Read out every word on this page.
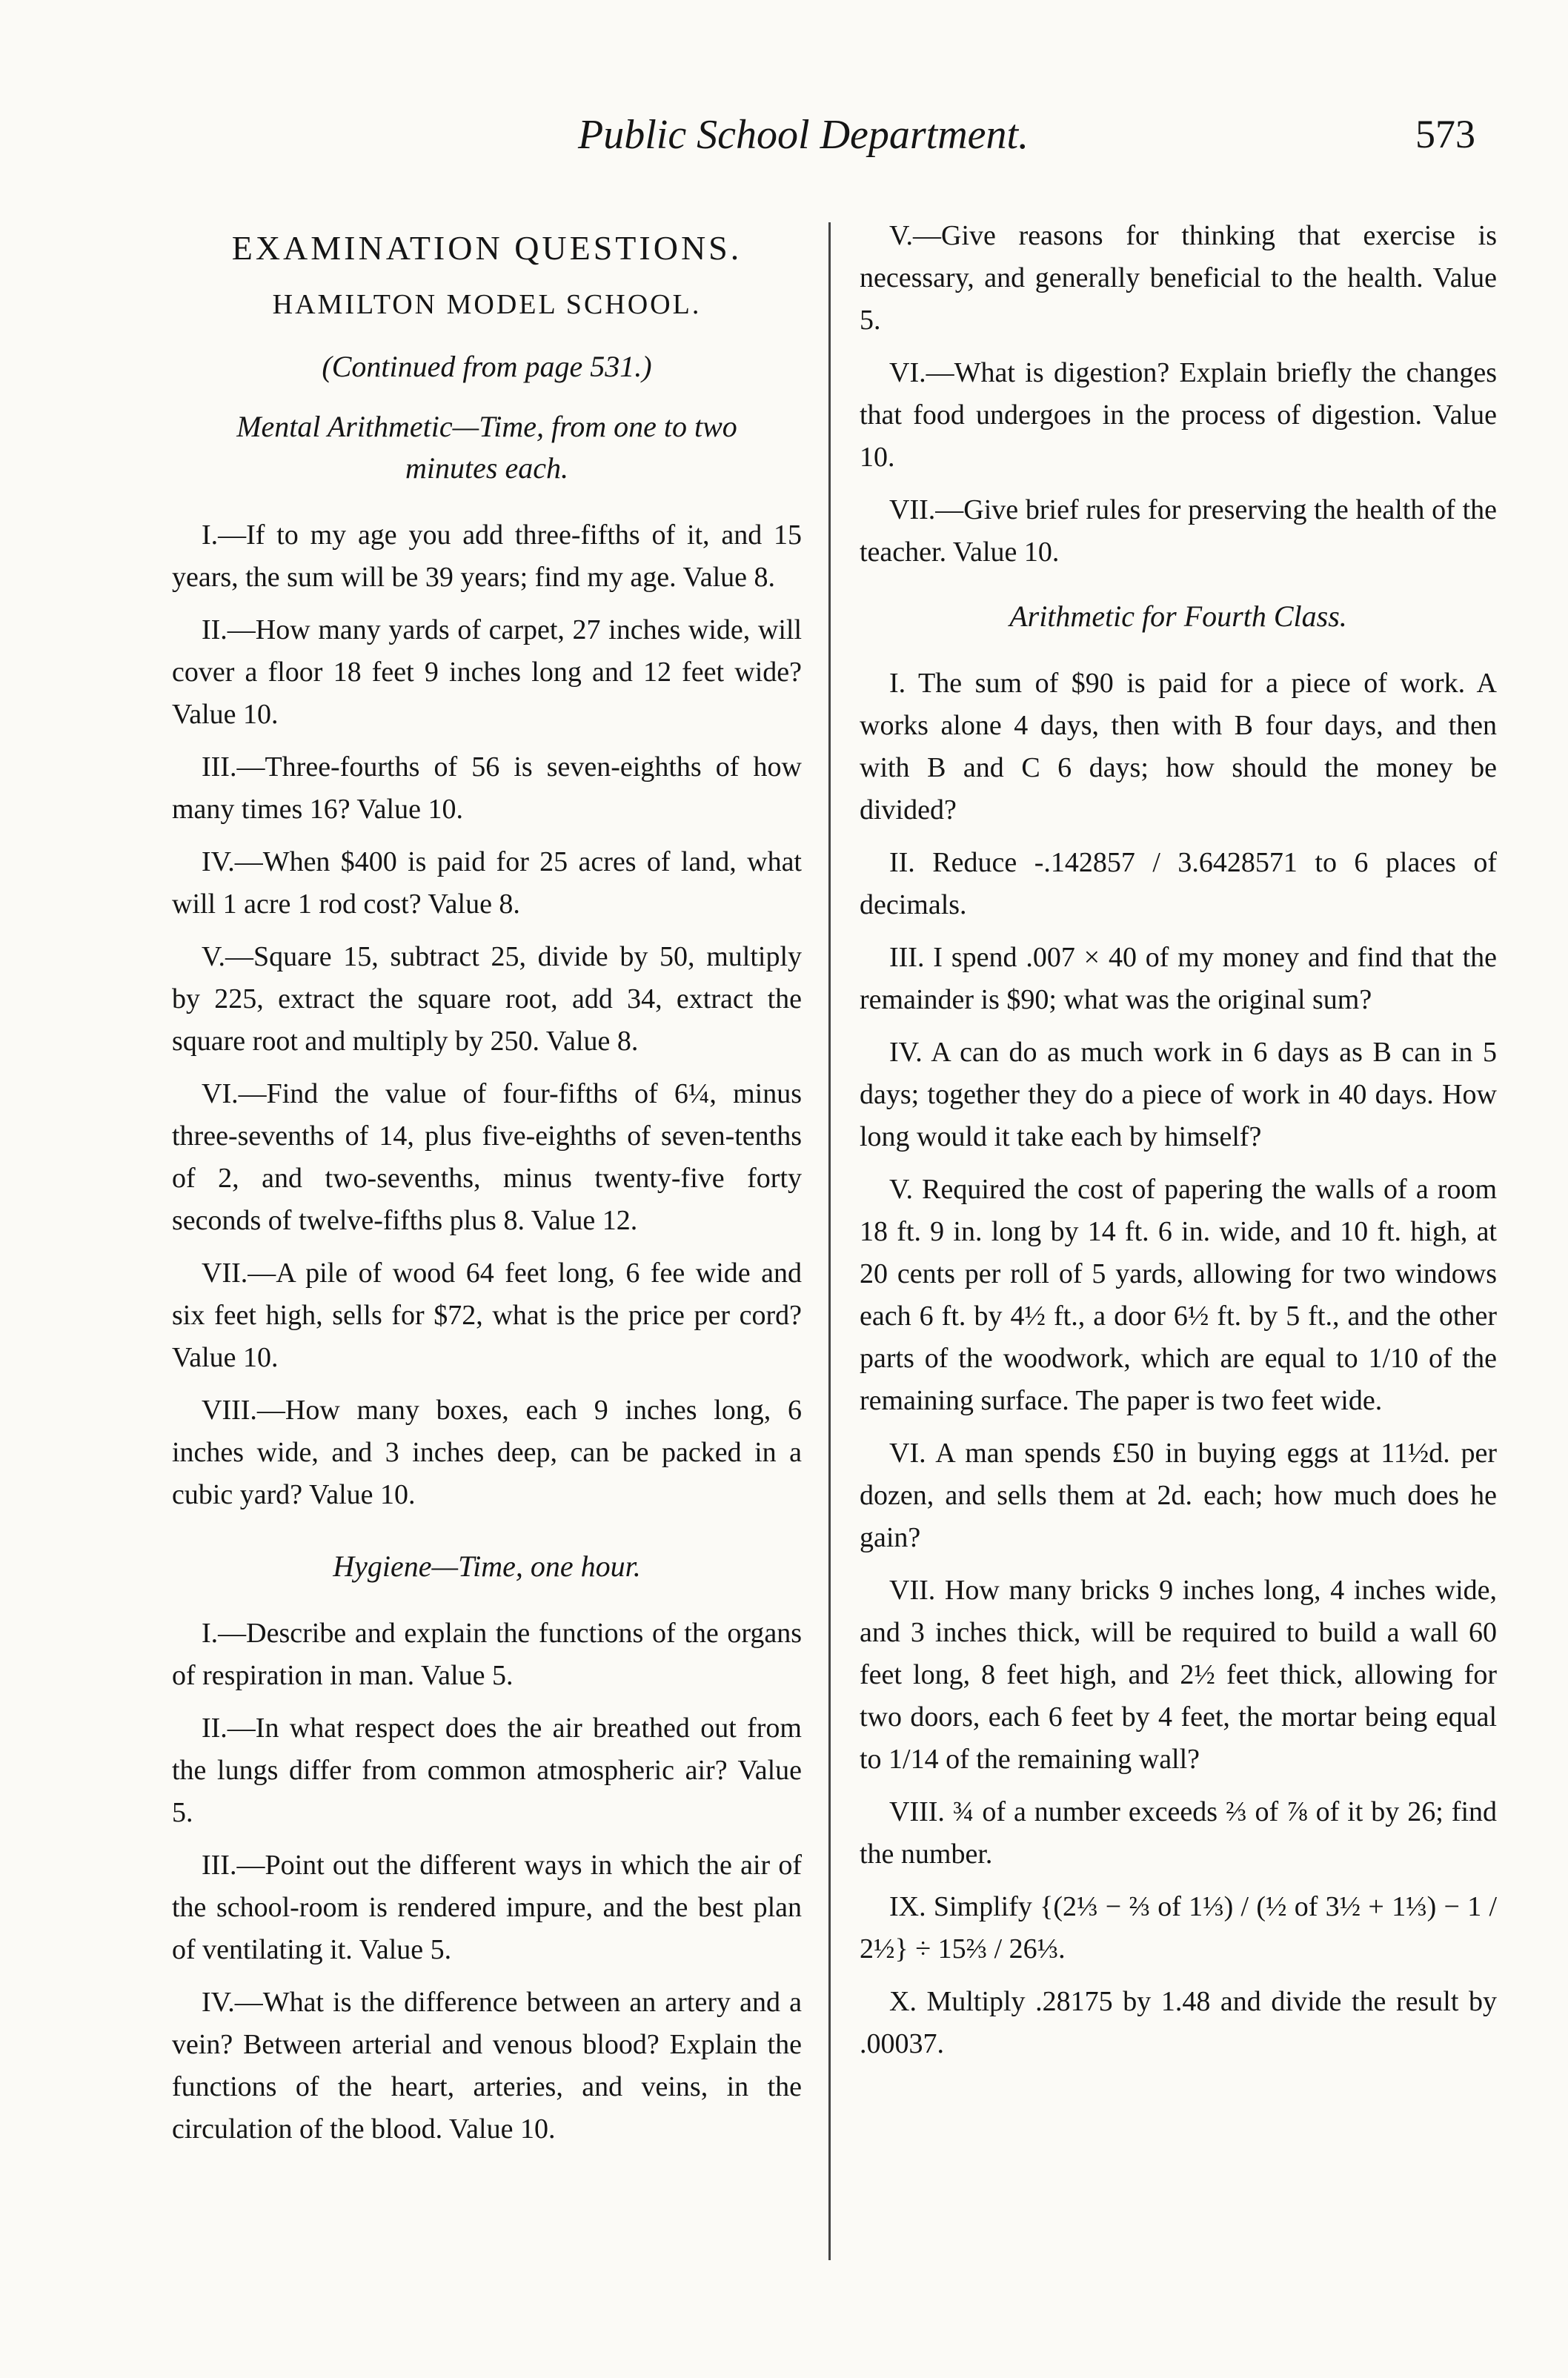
Public School Department.	573
EXAMINATION QUESTIONS.
HAMILTON MODEL SCHOOL.
(Continued from page 531.)
Mental Arithmetic—Time, from one to two minutes each.

I.—If to my age you add three-fifths of it, and 15 years, the sum will be 39 years; find my age. Value 8.

II.—How many yards of carpet, 27 inches wide, will cover a floor 18 feet 9 inches long and 12 feet wide? Value 10.

III.—Three-fourths of 56 is seven-eighths of how many times 16? Value 10.

IV.—When $400 is paid for 25 acres of land, what will 1 acre 1 rod cost? Value 8.

V.—Square 15, subtract 25, divide by 50, multiply by 225, extract the square root, add 34, extract the square root and multiply by 250. Value 8.

VI.—Find the value of four-fifths of 6¼, minus three-sevenths of 14, plus five-eighths of seven-tenths of 2, and two-sevenths, minus twenty-five forty seconds of twelve-fifths plus 8. Value 12.

VII.—A pile of wood 64 feet long, 6 fee wide and six feet high, sells for $72, what is the price per cord? Value 10.

VIII.—How many boxes, each 9 inches long, 6 inches wide, and 3 inches deep, can be packed in a cubic yard? Value 10.

Hygiene—Time, one hour.

I.—Describe and explain the functions of the organs of respiration in man. Value 5.

II.—In what respect does the air breathed out from the lungs differ from common atmospheric air? Value 5.

III.—Point out the different ways in which the air of the school-room is rendered impure, and the best plan of ventilating it. Value 5.

IV.—What is the difference between an artery and a vein? Between arterial and venous blood? Explain the functions of the heart, arteries, and veins, in the circulation of the blood. Value 10.

V.—Give reasons for thinking that exercise is necessary, and generally beneficial to the health. Value 5.

VI.—What is digestion? Explain briefly the changes that food undergoes in the process of digestion. Value 10.

VII.—Give brief rules for preserving the health of the teacher. Value 10.

Arithmetic for Fourth Class.

I. The sum of $90 is paid for a piece of work. A works alone 4 days, then with B four days, and then with B and C 6 days; how should the money be divided?

II. Reduce -.142857 / 3.6428571 to 6 places of decimals.

III. I spend .007 × 40 of my money and find that the remainder is $90; what was the original sum?

IV. A can do as much work in 6 days as B can in 5 days; together they do a piece of work in 40 days. How long would it take each by himself?

V. Required the cost of papering the walls of a room 18 ft. 9 in. long by 14 ft. 6 in. wide, and 10 ft. high, at 20 cents per roll of 5 yards, allowing for two windows each 6 ft. by 4½ ft., a door 6½ ft. by 5 ft., and the other parts of the woodwork, which are equal to 1/10 of the remaining surface. The paper is two feet wide.

VI. A man spends £50 in buying eggs at 11½d. per dozen, and sells them at 2d. each; how much does he gain?

VII. How many bricks 9 inches long, 4 inches wide, and 3 inches thick, will be required to build a wall 60 feet long, 8 feet high, and 2½ feet thick, allowing for two doors, each 6 feet by 4 feet, the mortar being equal to 1/14 of the remaining wall?

VIII. ¾ of a number exceeds ⅔ of ⅞ of it by 26; find the number.

IX. Simplify {(2⅓ − ⅔ of 1⅓) / (½ of 3½ + 1⅓) − 1 / 2½} ÷ 15⅔ / 26⅓.

X. Multiply .28175 by 1.48 and divide the result by .00037.
